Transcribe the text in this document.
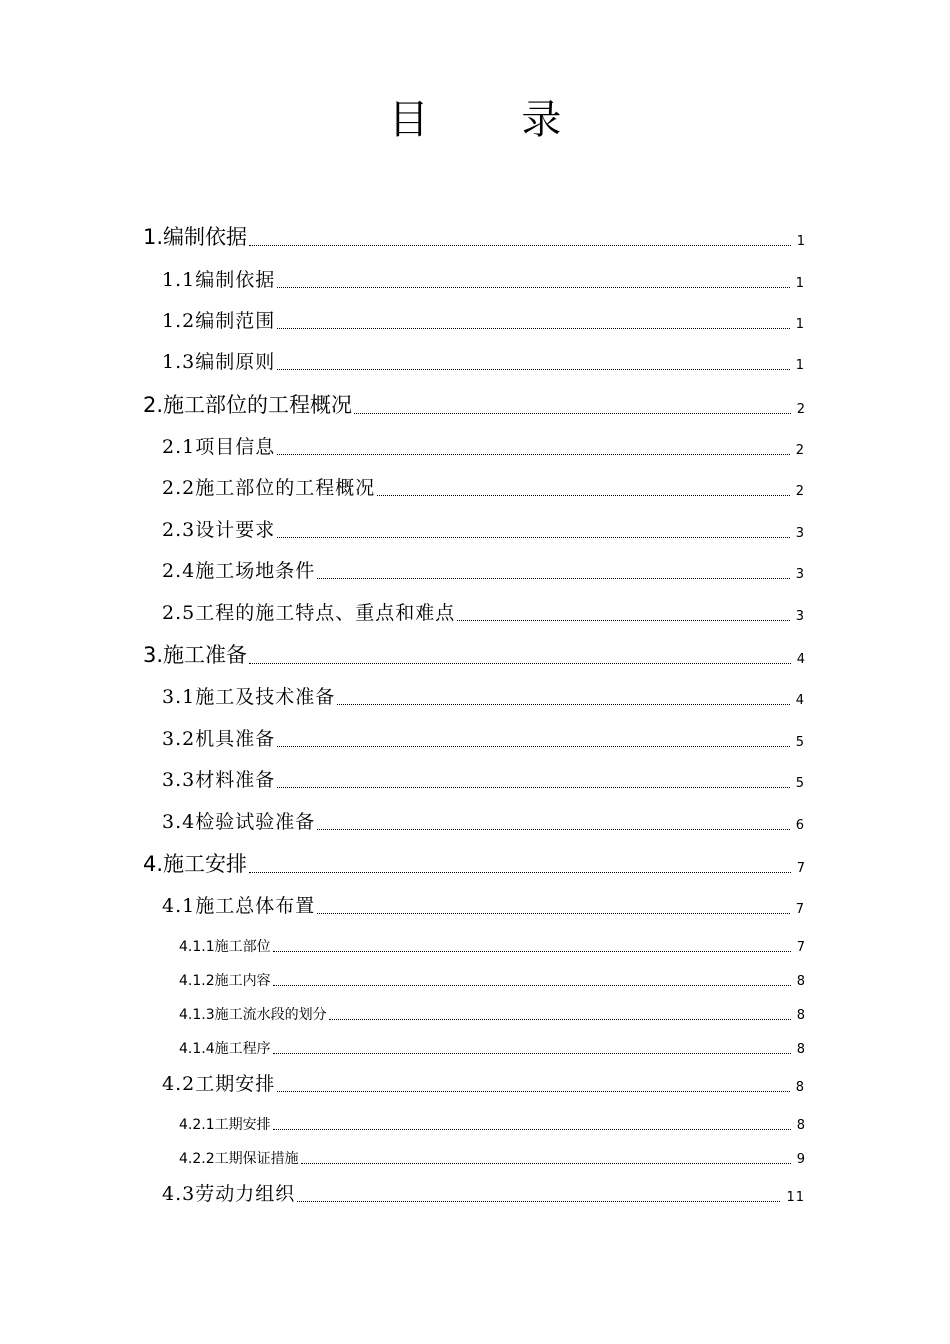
目 录
1.编制依据	1
1.1编制依据	1
1.2编制范围	1
1.3编制原则	1
2.施工部位的工程概况	2
2.1项目信息	2
2.2施工部位的工程概况	2
2.3设计要求	3
2.4施工场地条件	3
2.5工程的施工特点、重点和难点	3
3.施工准备	4
3.1施工及技术准备	4
3.2机具准备	5
3.3材料准备	5
3.4检验试验准备	6
4.施工安排	7
4.1施工总体布置	7
4.1.1施工部位	7
4.1.2施工内容	8
4.1.3施工流水段的划分	8
4.1.4施工程序	8
4.2工期安排	8
4.2.1工期安排	8
4.2.2工期保证措施	9
4.3劳动力组织	11
